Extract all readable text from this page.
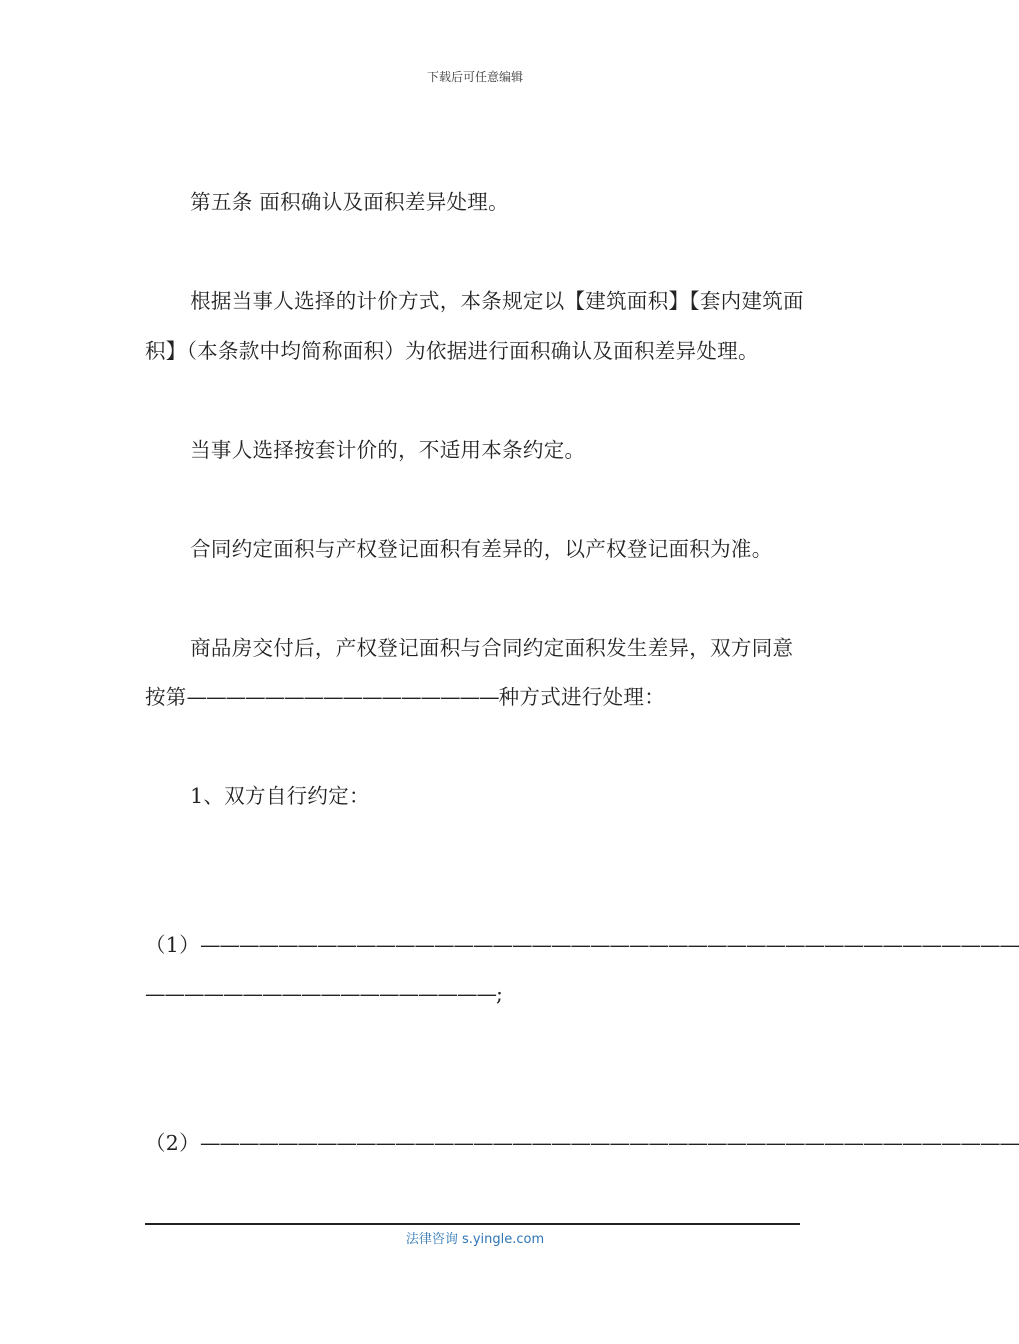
下载后可任意编辑

第五条 面积确认及面积差异处理。

根据当事人选择的计价方式，本条规定以【建筑面积】【套内建筑面积】（本条款中均简称面积）为依据进行面积确认及面积差异处理。

当事人选择按套计价的，不适用本条约定。

合同约定面积与产权登记面积有差异的，以产权登记面积为准。

商品房交付后，产权登记面积与合同约定面积发生差异，双方同意按第————————————————种方式进行处理：

1、双方自行约定：

（1）——————————————————————————————————————————
——————————————————;

（2）——————————————————————————————————————————

法律咨询 s.yingle.com
